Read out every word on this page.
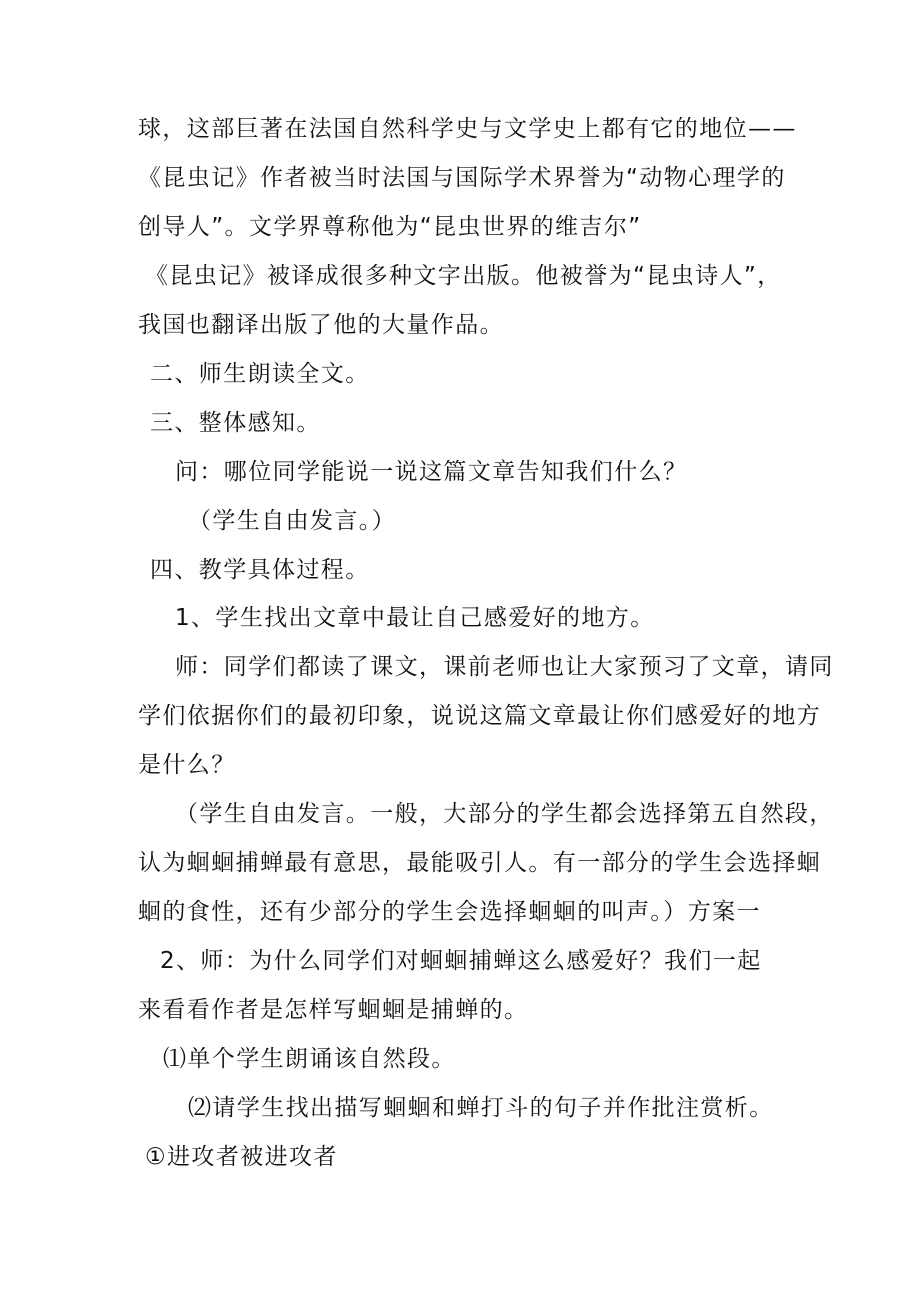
球，这部巨著在法国自然科学史与文学史上都有它的地位——
《昆虫记》作者被当时法国与国际学术界誉为“动物心理学的
创导人”。文学界尊称他为“昆虫世界的维吉尔”
《昆虫记》被译成很多种文字出版。他被誉为“昆虫诗人”，
我国也翻译出版了他的大量作品。
二、师生朗读全文。
三、整体感知。
问：哪位同学能说一说这篇文章告知我们什么？
（学生自由发言。）
四、教学具体过程。
1、学生找出文章中最让自己感爱好的地方。
师：同学们都读了课文，课前老师也让大家预习了文章，请同
学们依据你们的最初印象，说说这篇文章最让你们感爱好的地方
是什么？
（学生自由发言。一般，大部分的学生都会选择第五自然段，
认为蛔蛔捕蝉最有意思，最能吸引人。有一部分的学生会选择蛔
蛔的食性，还有少部分的学生会选择蛔蛔的叫声。）方案一
2、师：为什么同学们对蛔蛔捕蝉这么感爱好？我们一起
来看看作者是怎样写蛔蛔是捕蝉的。
⑴单个学生朗诵该自然段。
⑵请学生找出描写蛔蛔和蝉打斗的句子并作批注赏析。
①进攻者被进攻者
